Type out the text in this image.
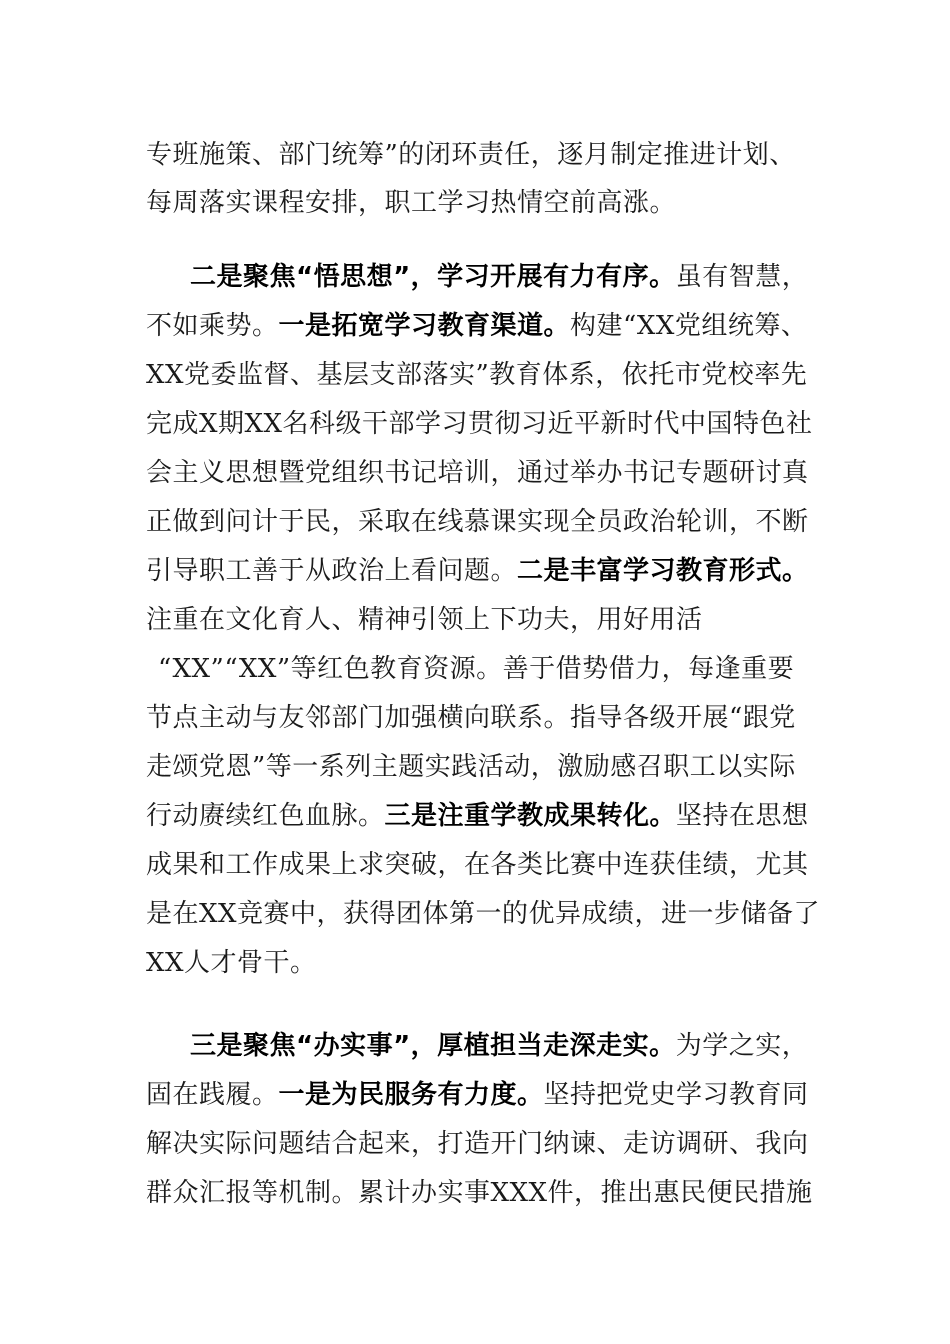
专班施策、部门统筹”的闭环责任，逐月制定推进计划、
每周落实课程安排，职工学习热情空前高涨。
二是聚焦“悟思想”，学习开展有力有序。虽有智慧，
不如乘势。一是拓宽学习教育渠道。构建“XX党组统筹、
XX党委监督、基层支部落实”教育体系，依托市党校率先
完成X期XX名科级干部学习贯彻习近平新时代中国特色社
会主义思想暨党组织书记培训，通过举办书记专题研讨真
正做到问计于民，采取在线慕课实现全员政治轮训，不断
引导职工善于从政治上看问题。二是丰富学习教育形式。
注重在文化育人、精神引领上下功夫，用好用活
“XX”“XX”等红色教育资源。善于借势借力，每逢重要
节点主动与友邻部门加强横向联系。指导各级开展“跟党
走颂党恩”等一系列主题实践活动，激励感召职工以实际
行动赓续红色血脉。三是注重学教成果转化。坚持在思想
成果和工作成果上求突破，在各类比赛中连获佳绩，尤其
是在XX竞赛中，获得团体第一的优异成绩，进一步储备了
XX人才骨干。
三是聚焦“办实事”，厚植担当走深走实。为学之实，
固在践履。一是为民服务有力度。坚持把党史学习教育同
解决实际问题结合起来，打造开门纳谏、走访调研、我向
群众汇报等机制。累计办实事XXX件，推出惠民便民措施
